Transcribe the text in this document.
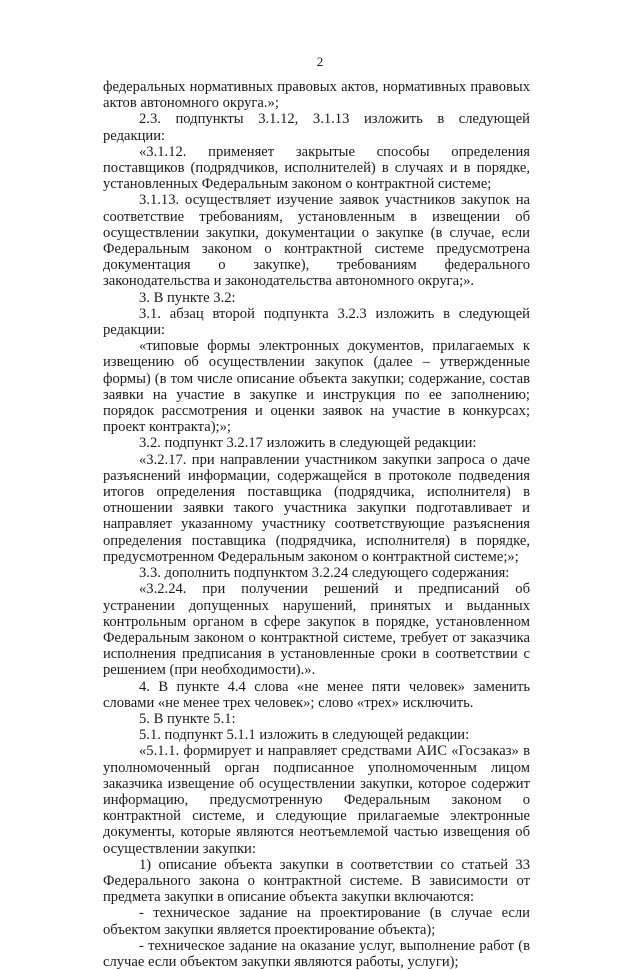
2

федеральных нормативных правовых актов, нормативных правовых актов автономного округа.»;

2.3. подпункты 3.1.12, 3.1.13 изложить в следующей редакции:

«3.1.12. применяет закрытые способы определения поставщиков (подрядчиков, исполнителей) в случаях и в порядке, установленных Федеральным законом о контрактной системе;

3.1.13. осуществляет изучение заявок участников закупок на соответствие требованиям, установленным в извещении об осуществлении закупки, документации о закупке (в случае, если Федеральным законом о контрактной системе предусмотрена документация о закупке), требованиям федерального законодательства и законодательства автономного округа;».

3. В пункте 3.2:

3.1. абзац второй подпункта 3.2.3 изложить в следующей редакции:

«типовые формы электронных документов, прилагаемых к извещению об осуществлении закупок (далее – утвержденные формы) (в том числе описание объекта закупки; содержание, состав заявки на участие в закупке и инструкция по ее заполнению; порядок рассмотрения и оценки заявок на участие в конкурсах; проект контракта);»;

3.2. подпункт 3.2.17 изложить в следующей редакции:

«3.2.17. при направлении участником закупки запроса о даче разъяснений информации, содержащейся в протоколе подведения итогов определения поставщика (подрядчика, исполнителя) в отношении заявки такого участника закупки подготавливает и направляет указанному участнику соответствующие разъяснения определения поставщика (подрядчика, исполнителя) в порядке, предусмотренном Федеральным законом о контрактной системе;»;

3.3. дополнить подпунктом 3.2.24 следующего содержания:

«3.2.24. при получении решений и предписаний об устранении допущенных нарушений, принятых и выданных контрольным органом в сфере закупок в порядке, установленном Федеральным законом о контрактной системе, требует от заказчика исполнения предписания в установленные сроки в соответствии с решением (при необходимости).».

4. В пункте 4.4 слова «не менее пяти человек» заменить словами «не менее трех человек»; слово «трех» исключить.

5. В пункте 5.1:

5.1. подпункт 5.1.1 изложить в следующей редакции:

«5.1.1. формирует и направляет средствами АИС «Госзаказ» в уполномоченный орган подписанное уполномоченным лицом заказчика извещение об осуществлении закупки, которое содержит информацию, предусмотренную Федеральным законом о контрактной системе, и следующие прилагаемые электронные документы, которые являются неотъемлемой частью извещения об осуществлении закупки:

1) описание объекта закупки в соответствии со статьей 33 Федерального закона о контрактной системе. В зависимости от предмета закупки в описание объекта закупки включаются:

- техническое задание на проектирование (в случае если объектом закупки является проектирование объекта);

- техническое задание на оказание услуг, выполнение работ (в случае если объектом закупки являются работы, услуги);
